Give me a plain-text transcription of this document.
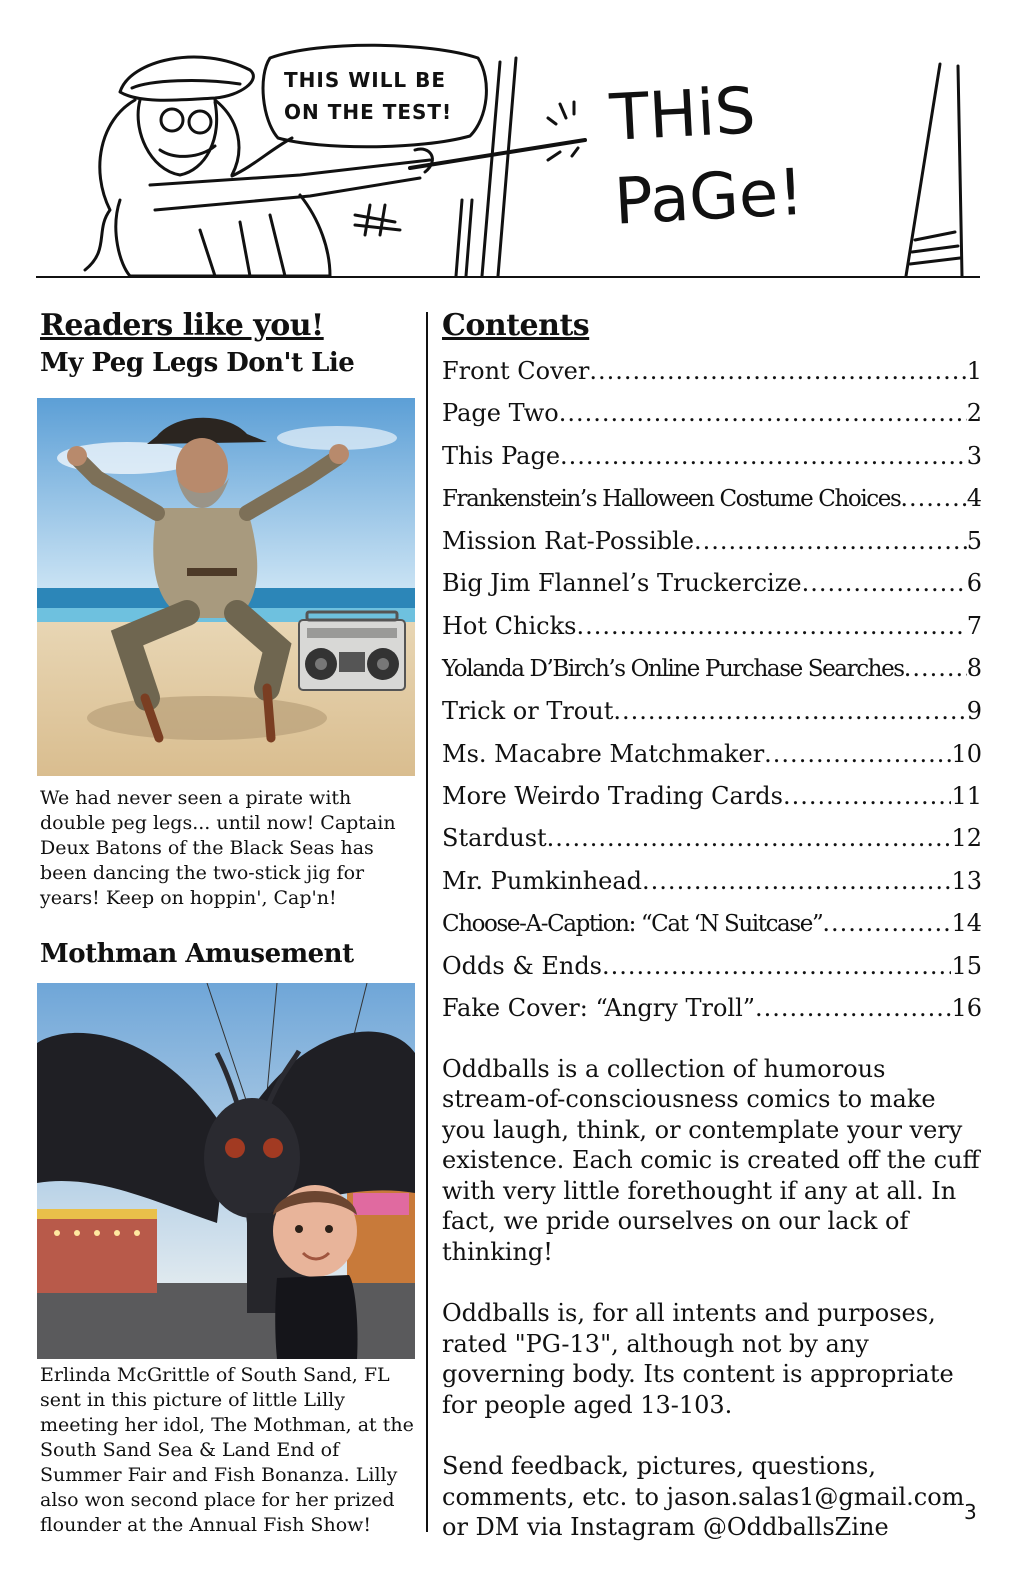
THIS WILL BE
ON THE TEST!	THiS
PaGe!
Readers like you!
My Peg Legs Don't Lie

We had never seen a pirate with double peg legs... until now! Captain Deux Batons of the Black Seas has been dancing the two-stick jig for years! Keep on hoppin', Cap'n!

Mothman Amusement

Erlinda McGrittle of South Sand, FL sent in this picture of little Lilly meeting her idol, The Mothman, at the South Sand Sea & Land End of Summer Fair and Fish Bonanza. Lilly also won second place for her prized flounder at the Annual Fish Show!

Contents
Front Cover .....	1
Page Two .....	2
This Page .....	3
Frankenstein’s Halloween Costume Choices .....	4
Mission Rat-Possible .....	5
Big Jim Flannel’s Truckercize .....	6
Hot Chicks .....	7
Yolanda D’Birch’s Online Purchase Searches .....	8
Trick or Trout .....	9
Ms. Macabre Matchmaker .....	10
More Weirdo Trading Cards .....	11
Stardust .....	12
Mr. Pumkinhead .....	13
Choose-A-Caption: “Cat ‘N Suitcase” .....	14
Odds & Ends .....	15
Fake Cover: “Angry Troll” .....	16

Oddballs is a collection of humorous stream-of-consciousness comics to make you laugh, think, or contemplate your very existence. Each comic is created off the cuff with very little forethought if any at all. In fact, we pride ourselves on our lack of thinking!

Oddballs is, for all intents and purposes, rated "PG-13", although not by any governing body. Its content is appropriate for people aged 13-103.

Send feedback, pictures, questions, comments, etc. to jason.salas1@gmail.com or DM via Instagram @OddballsZine

3
